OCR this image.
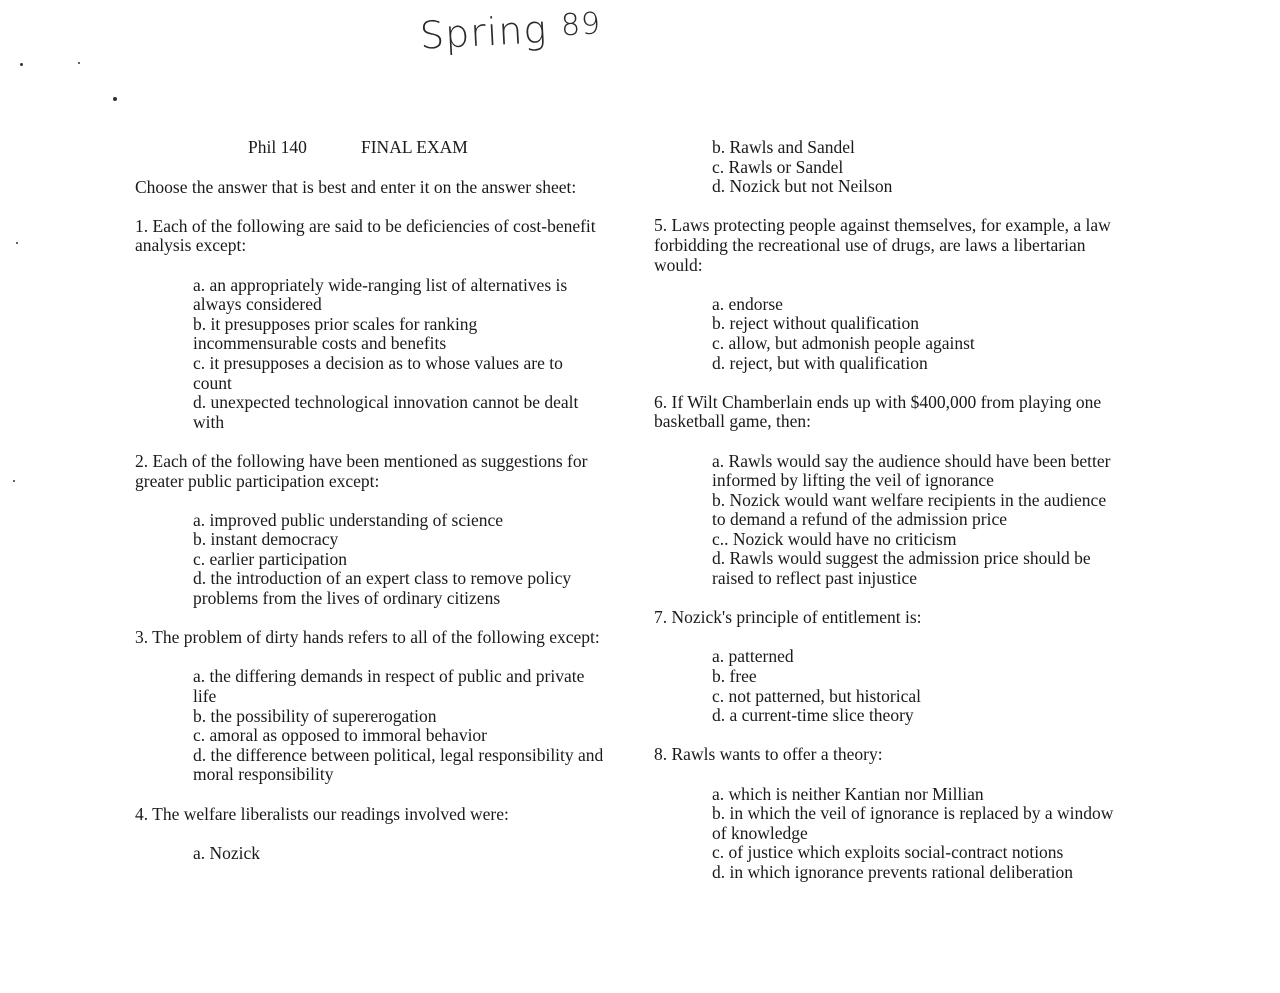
Spring 89
Phil 140	FINAL EXAM
Choose the answer that is best and enter it on the answer sheet:
1. Each of the following are said to be deficiencies of cost-benefit analysis except:
a. an appropriately wide-ranging list of alternatives is always considered
b. it presupposes prior scales for ranking incommensurable costs and benefits
c. it presupposes a decision as to whose values are to count
d. unexpected technological innovation cannot be dealt with
2. Each of the following have been mentioned as suggestions for greater public participation except:
a. improved public understanding of science
b. instant democracy
c. earlier participation
d. the introduction of an expert class to remove policy problems from the lives of ordinary citizens
3. The problem of dirty hands refers to all of the following except:
a. the differing demands in respect of public and private life
b. the possibility of supererogation
c. amoral as opposed to immoral behavior
d. the difference between political, legal responsibility and moral responsibility
4. The welfare liberalists our readings involved were:
a. Nozick
b. Rawls and Sandel
c. Rawls or Sandel
d. Nozick but not Neilson
5. Laws protecting people against themselves, for example, a law forbidding the recreational use of drugs, are laws a libertarian would:
a. endorse
b. reject without qualification
c. allow, but admonish people against
d. reject, but with qualification
6. If Wilt Chamberlain ends up with $400,000 from playing one basketball game, then:
a. Rawls would say the audience should have been better informed by lifting the veil of ignorance
b. Nozick would want welfare recipients in the audience to demand a refund of the admission price
c.. Nozick would have no criticism
d. Rawls would suggest the admission price should be raised to reflect past injustice
7. Nozick's principle of entitlement is:
a. patterned
b. free
c. not patterned, but historical
d. a current-time slice theory
8. Rawls wants to offer a theory:
a. which is neither Kantian nor Millian
b. in which the veil of ignorance is replaced by a window of knowledge
c. of justice which exploits social-contract notions
d. in which ignorance prevents rational deliberation
